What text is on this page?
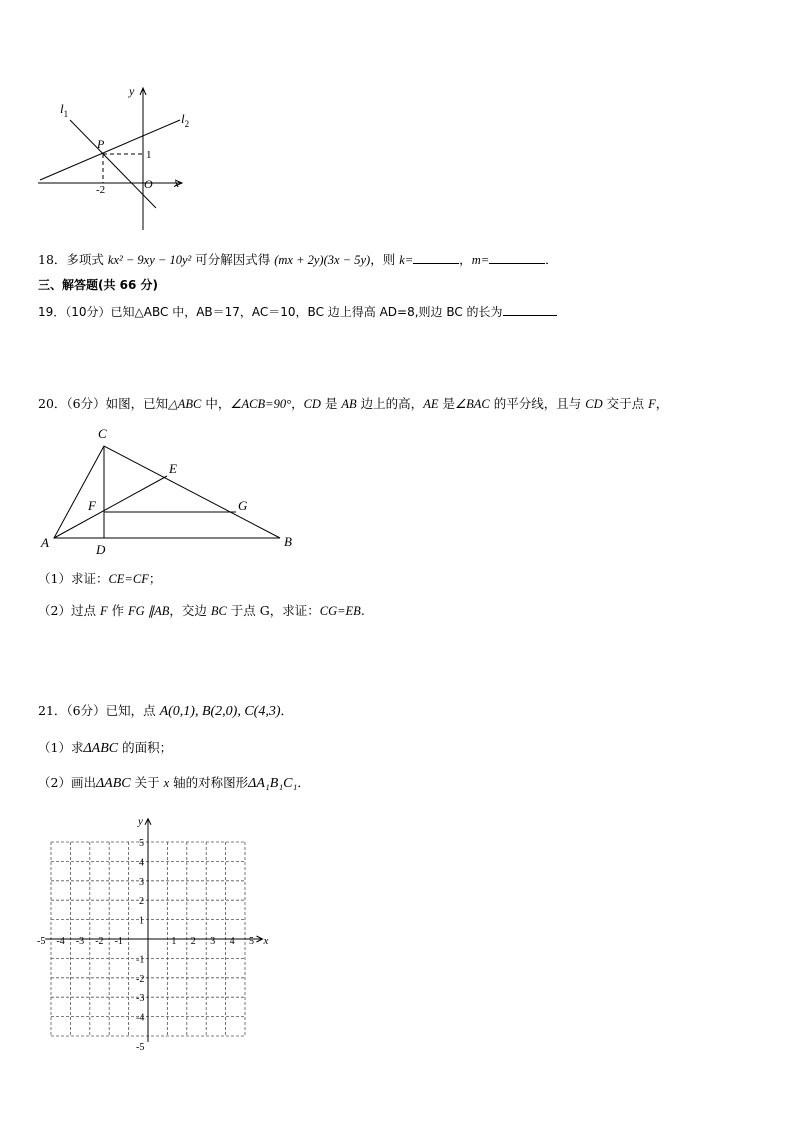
y
x
$l_1$	$l_2$
P
O
1
-2
18．多项式 kx² − 9xy − 10y² 可分解因式得 (mx + 2y)(3x − 5y)，则 k=	，m=	．
三、解答题(共 66 分)
19．（10分）已知△ABC 中，AB＝17，AC＝10，BC 边上得高 AD=8,则边 BC 的长为
20．（6分）如图，已知△ABC 中，∠ACB=90°，CD 是 AB 边上的高，AE 是∠BAC 的平分线，且与 CD 交于点 F，
C
E
F	G
A	D
B
（1）求证：CE=CF；
（2）过点 F 作 FG ∥AB，交边 BC 于点 G，求证：CG=EB.
21．（6分）已知，点 A(0,1), B(2,0), C(4,3)．
（1）求ΔABC 的面积；
（2）画出ΔABC 关于 x 轴的对称图形ΔA₁B₁C₁．
x
y
-5 -4 -3 -2 -1	1 2 3 4 5
5
4
3
2
1
-1
-2
-3
-4
-5
